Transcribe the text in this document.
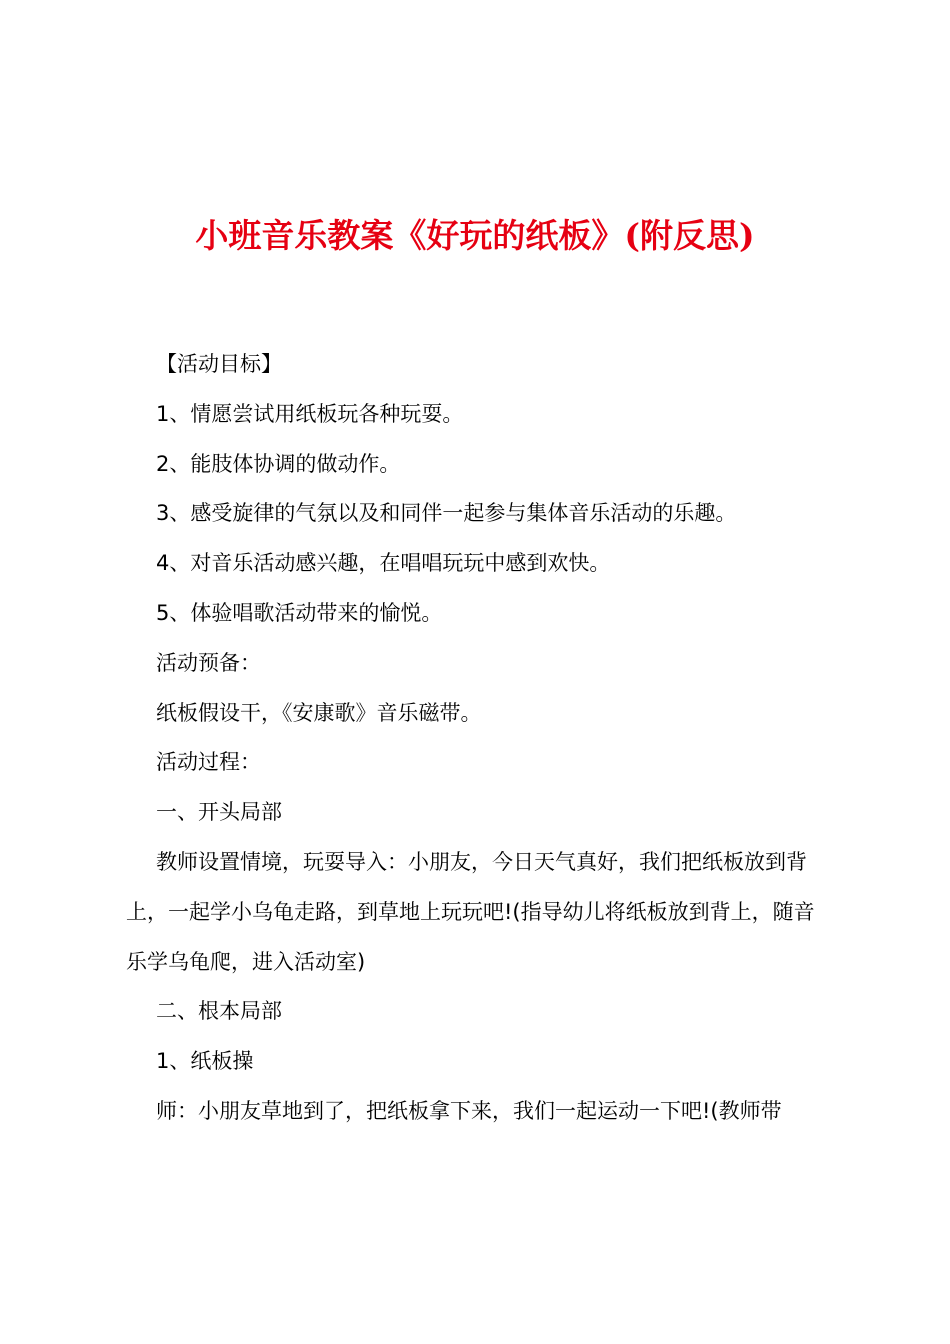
小班音乐教案《好玩的纸板》(附反思)

【活动目标】

1、情愿尝试用纸板玩各种玩耍。

2、能肢体协调的做动作。

3、感受旋律的气氛以及和同伴一起参与集体音乐活动的乐趣。

4、对音乐活动感兴趣，在唱唱玩玩中感到欢快。

5、体验唱歌活动带来的愉悦。

活动预备：

纸板假设干，《安康歌》音乐磁带。

活动过程：

一、开头局部

教师设置情境，玩耍导入：小朋友，今日天气真好，我们把纸板放到背上，一起学小乌龟走路，到草地上玩玩吧!(指导幼儿将纸板放到背上，随音乐学乌龟爬，进入活动室)

二、根本局部

1、纸板操

师：小朋友草地到了，把纸板拿下来，我们一起运动一下吧!(教师带
